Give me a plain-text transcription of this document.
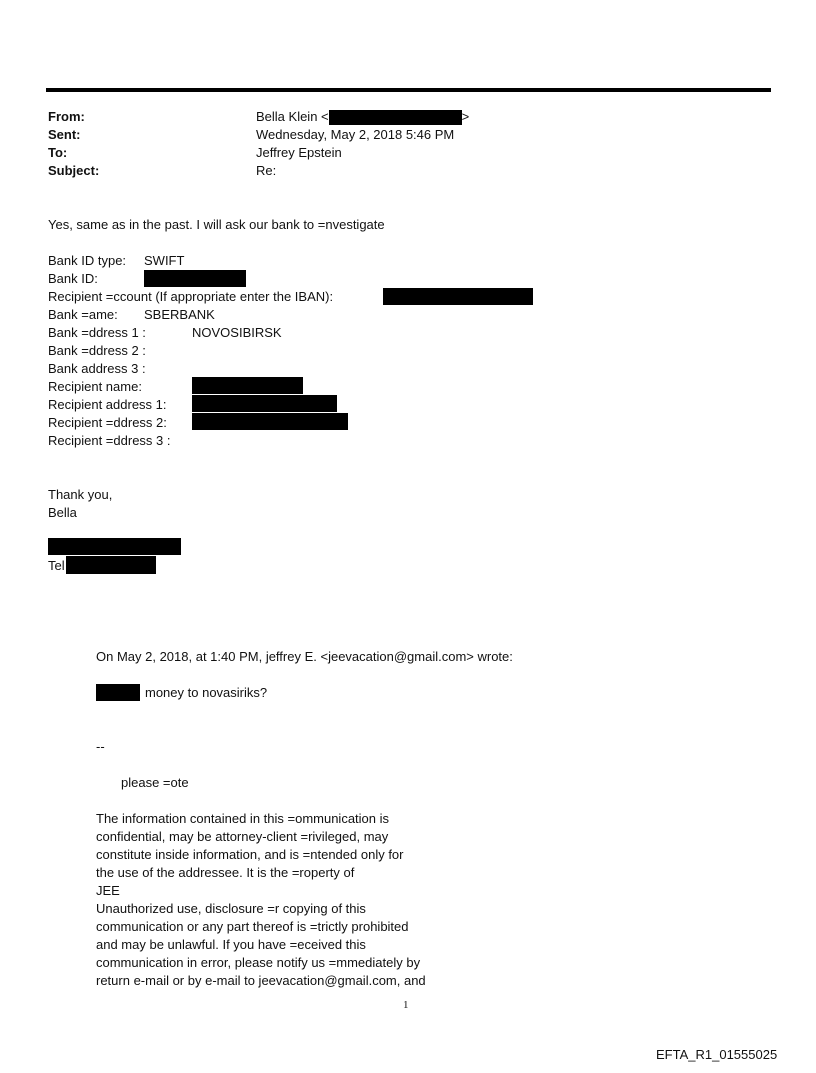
From:	Bella Klein <	>
Sent:	Wednesday, May 2, 2018 5:46 PM
To:	Jeffrey Epstein
Subject:	Re:
Yes, same as in the past. I will ask our bank to =nvestigate
Bank ID type: SWIFT
Bank ID:
Recipient =ccount (If appropriate enter the IBAN):
Bank =ame: SBERBANK
Bank =ddress 1 :	NOVOSIBIRSK
Bank =ddress 2 :
Bank address 3 :
Recipient name:
Recipient address 1:
Recipient =ddress 2:
Recipient =ddress 3 :
Thank you,
Bella
Tel
On May 2, 2018, at 1:40 PM, jeffrey E. <jeevacation@gmail.com> wrote:
money to novasiriks?
--
please =ote
The information contained in this =ommunication is
confidential, may be attorney-client =rivileged, may
constitute inside information, and is =ntended only for
the use of the addressee. It is the =roperty of
JEE
Unauthorized use, disclosure =r copying of this
communication or any part thereof is =trictly prohibited
and may be unlawful. If you have =eceived this
communication in error, please notify us =mmediately by
return e-mail or by e-mail to jeevacation@gmail.com, and
1
EFTA_R1_01555025
